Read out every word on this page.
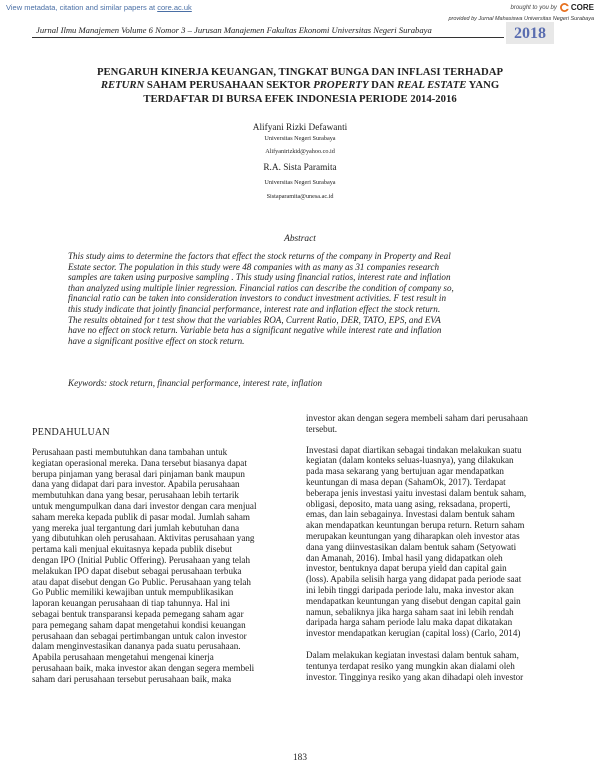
View metadata, citation and similar papers at core.ac.uk	brought to you by CORE
provided by Jurnal Mahasiswa Universitas Negeri Surabaya
Jurnal Ilmu Manajemen Volume 6 Nomor 3 – Jurusan Manajemen Fakultas Ekonomi Universitas Negeri Surabaya	2018
PENGARUH KINERJA KEUANGAN, TINGKAT BUNGA DAN INFLASI TERHADAP
RETURN SAHAM PERUSAHAAN SEKTOR PROPERTY DAN REAL ESTATE YANG
TERDAFTAR DI BURSA EFEK INDONESIA PERIODE 2014-2016
Alifyani Rizki Defawanti
Universitas Negeri Surabaya
Alifyanirizkid@yahoo.co.id
R.A. Sista Paramita
Universitas Negeri Surabaya
Sistaparamita@unesa.ac.id
Abstract
This study aims to determine the factors that effect the stock returns of the company in Property and Real
Estate sector. The population in this study were 48 companies with as many as 31 companies research
samples are taken using purposive sampling . This study using financial ratios, interest rate and inflation
than analyzed using multiple linier regression. Financial ratios can describe the condition of company so,
financial ratio can be taken into consideration investors to conduct investment activities. F test result in
this study indicate that jointly financial performance, interest rate and inflation effect the stock return.
The results obtained for t test show that the variables ROA, Current Ratio, DER, TATO, EPS, and EVA
have no effect on stock return. Variable beta has a significant negative while interest rate and inflation
have a significant positive effect on stock return.
Keywords: stock return, financial performance, interest rate, inflation
PENDAHULUAN
Perusahaan pasti membutuhkan dana tambahan untuk
kegiatan operasional mereka. Dana tersebut biasanya dapat
berupa pinjaman yang berasal dari pinjaman bank maupun
dana yang didapat dari para investor. Apabila perusahaan
membutuhkan dana yang besar, perusahaan lebih tertarik
untuk mengumpulkan dana dari investor dengan cara menjual
saham mereka kepada publik di pasar modal. Jumlah saham
yang mereka jual tergantung dari jumlah kebutuhan dana
yang dibutuhkan oleh perusahaan. Aktivitas perusahaan yang
pertama kali menjual ekuitasnya kepada publik disebut
dengan IPO (Initial Public Offering). Perusahaan yang telah
melakukan IPO dapat disebut sebagai perusahaan terbuka
atau dapat disebut dengan Go Public. Perusahaan yang telah
Go Public memiliki kewajiban untuk mempublikasikan
laporan keuangan perusahaan di tiap tahunnya. Hal ini
sebagai bentuk transparansi kepada pemegang saham agar
para pemegang saham dapat mengetahui kondisi keuangan
perusahaan dan sebagai pertimbangan untuk calon investor
dalam menginvestasikan dananya pada suatu perusahaan.
Apabila perusahaan mengetahui mengenai kinerja
perusahaan baik, maka investor akan dengan segera membeli
saham dari perusahaan tersebut perusahaan baik, maka
investor akan dengan segera membeli saham dari perusahaan
tersebut.
Investasi dapat diartikan sebagai tindakan melakukan suatu
kegiatan (dalam konteks seluas-luasnya), yang dilakukan
pada masa sekarang yang bertujuan agar mendapatkan
keuntungan di masa depan (SahamOk, 2017). Terdapat
beberapa jenis investasi yaitu investasi dalam bentuk saham,
obligasi, deposito, mata uang asing, reksadana, properti,
emas, dan lain sebagainya. Investasi dalam bentuk saham
akan mendapatkan keuntungan berupa return. Return saham
merupakan keuntungan yang diharapkan oleh investor atas
dana yang diinvestasikan dalam bentuk saham (Setyowati
dan Amanah, 2016). Imbal hasil yang didapatkan oleh
investor, bentuknya dapat berupa yield dan capital gain
(loss). Apabila selisih harga yang didapat pada periode saat
ini lebih tinggi daripada periode lalu, maka investor akan
mendapatkan keuntungan yang disebut dengan capital gain
namun, sebaliknya jika harga saham saat ini lebih rendah
daripada harga saham periode lalu maka dapat dikatakan
investor mendapatkan kerugian (capital loss) (Carlo, 2014)
Dalam melakukan kegiatan investasi dalam bentuk saham,
tentunya terdapat resiko yang mungkin akan dialami oleh
investor. Tingginya resiko yang akan dihadapi oleh investor
183
